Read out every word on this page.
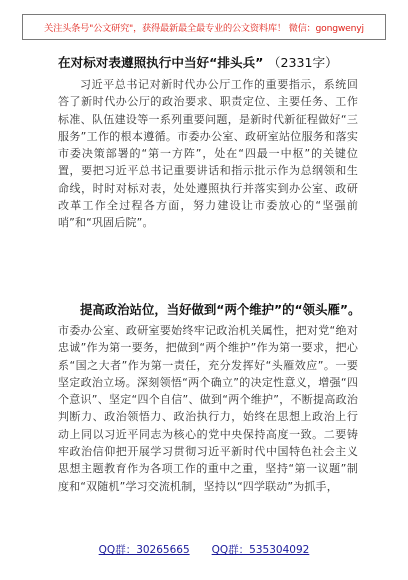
关注头条号"公文研究"，获得最新最全最专业的公文资料库！ 微信：gongwenyj
在对标对表遵照执行中当好“排头兵” （2331字）
习近平总书记对新时代办公厅工作的重要指示，系统回答了新时代办公厅的政治要求、职责定位、主要任务、工作标准、队伍建设等一系列重要问题，是新时代新征程做好“三服务”工作的根本遵循。市委办公室、政研室站位服务和落实市委决策部署的“第一方阵”，处在“四最一中枢”的关键位置，要把习近平总书记重要讲话和指示批示作为总纲领和生命线，时时对标对表，处处遵照执行并落实到办公室、政研改革工作全过程各方面，努力建设让市委放心的“坚强前哨”和“巩固后院”。
提高政治站位，当好做到“两个维护”的“领头雁”。
市委办公室、政研室要始终牢记政治机关属性，把对党“绝对忠诚”作为第一要务，把做到“两个维护”作为第一要求，把心系“国之大者”作为第一责任，充分发挥好“头雁效应”。一要坚定政治立场。深刻领悟“两个确立”的决定性意义，增强“四个意识”、坚定“四个自信”、做到“两个维护”，不断提高政治判断力、政治领悟力、政治执行力，始终在思想上政治上行动上同以习近平同志为核心的党中央保持高度一致。二要铸牢政治信仰把开展学习贯彻习近平新时代中国特色社会主义思想主题教育作为各项工作的重中之重，坚持“第一议题”制度和“双随机”学习交流机制，坚持以“四学联动”为抓手，
QQ群：30265665 QQ群：535304092
